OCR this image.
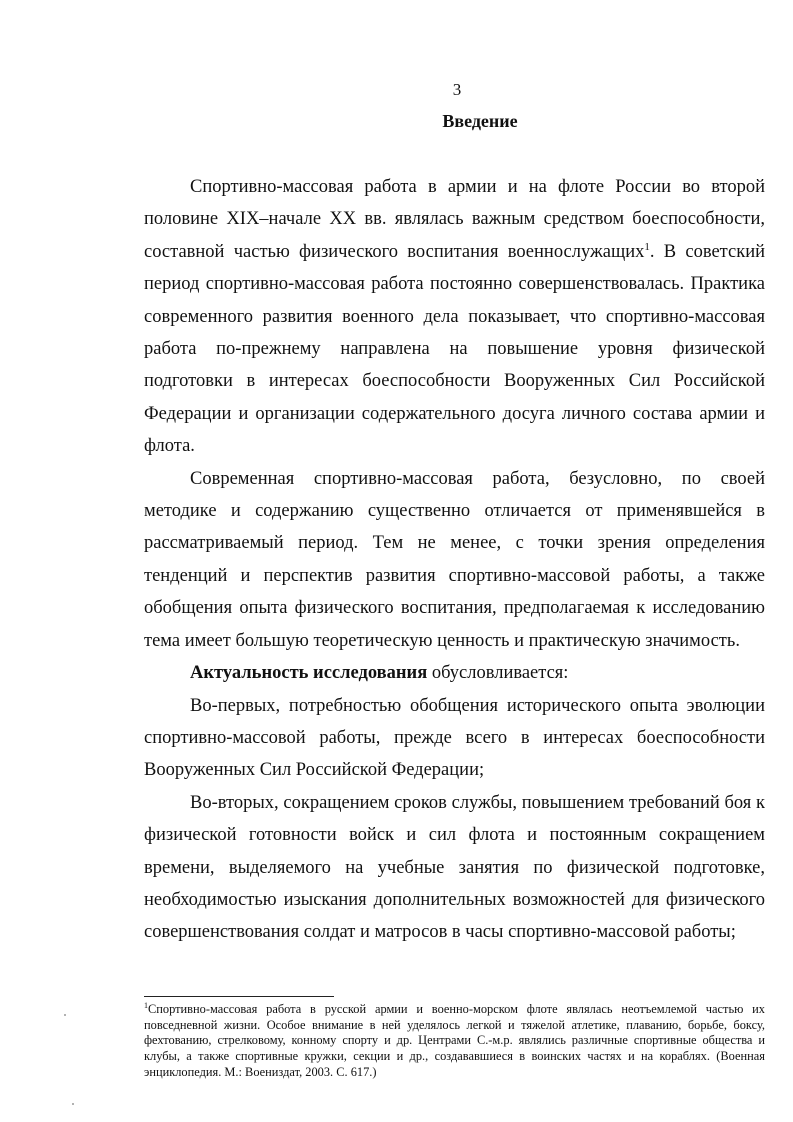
3
Введение

Спортивно-массовая работа в армии и на флоте России во второй половине XIX–начале XX вв. являлась важным средством боеспособности, составной частью физического воспитания военнослужащих$^1$. В советский период спортивно-массовая работа постоянно совершенствовалась. Практика современного развития военного дела показывает, что спортивно-массовая работа по-прежнему направлена на повышение уровня физической подготовки в интересах боеспособности Вооруженных Сил Российской Федерации и организации содержательного досуга личного состава армии и флота.

Современная спортивно-массовая работа, безусловно, по своей методике и содержанию существенно отличается от применявшейся в рассматриваемый период. Тем не менее, с точки зрения определения тенденций и перспектив развития спортивно-массовой работы, а также обобщения опыта физического воспитания, предполагаемая к исследованию тема имеет большую теоретическую ценность и практическую значимость.

Актуальность исследования обусловливается:

Во-первых, потребностью обобщения исторического опыта эволюции спортивно-массовой работы, прежде всего в интересах боеспособности Вооруженных Сил Российской Федерации;

Во-вторых, сокращением сроков службы, повышением требований боя к физической готовности войск и сил флота и постоянным сокращением времени, выделяемого на учебные занятия по физической подготовке, необходимостью изыскания дополнительных возможностей для физического совершенствования солдат и матросов в часы спортивно-массовой работы;

$^1$Спортивно-массовая работа в русской армии и военно-морском флоте являлась неотъемлемой частью их повседневной жизни. Особое внимание в ней уделялось легкой и тяжелой атлетике, плаванию, борьбе, боксу, фехтованию, стрелковому, конному спорту и др. Центрами С.-м.р. являлись различные спортивные общества и клубы, а также спортивные кружки, секции и др., создававшиеся в воинских частях и на кораблях. (Военная энциклопедия. М.: Воениздат, 2003. С. 617.)
